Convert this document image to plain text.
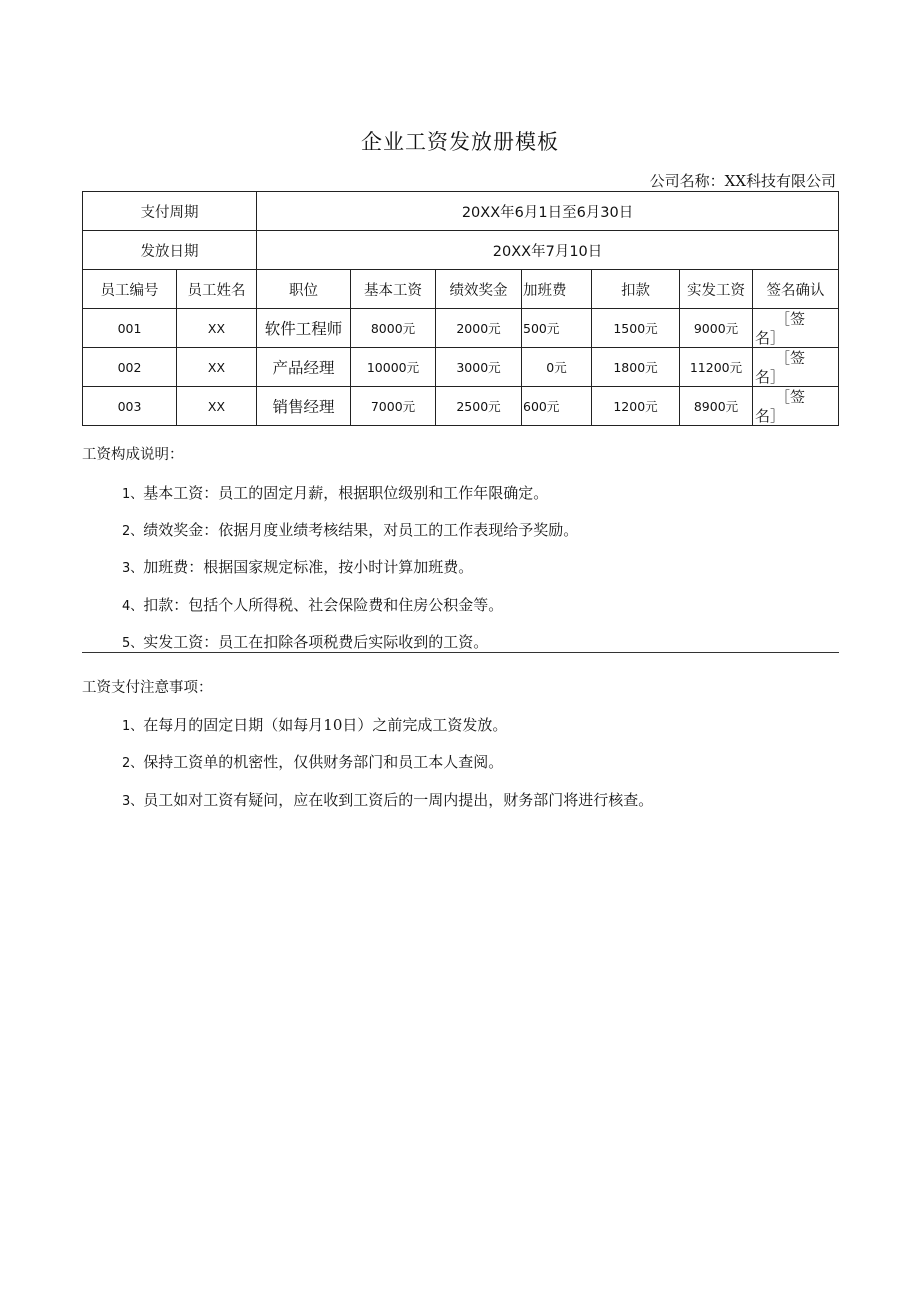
企业工资发放册模板
公司名称：XX科技有限公司
支付周期		20XX年6月1日至6月30日						
发放日期		20XX年7月10日						
员工编号	员工姓名	职位	基本工资	绩效奖金	加班费	扣款	实发工资	签名确认
001	XX	软件工程师	8000元	2000元	500元	1500元	9000元	［签
名］

002	XX	产品经理	10000元	3000元	0元	1800元	11200元	［签
名］

003	XX	销售经理	7000元	2500元	600元	1200元	8900元	［签
名］
工资构成说明：
1、基本工资：员工的固定月薪，根据职位级别和工作年限确定。
2、绩效奖金：依据月度业绩考核结果，对员工的工作表现给予奖励。
3、加班费：根据国家规定标准，按小时计算加班费。
4、扣款：包括个人所得税、社会保险费和住房公积金等。
5、实发工资：员工在扣除各项税费后实际收到的工资。
工资支付注意事项：
1、在每月的固定日期（如每月10日）之前完成工资发放。
2、保持工资单的机密性，仅供财务部门和员工本人查阅。
3、员工如对工资有疑问，应在收到工资后的一周内提出，财务部门将进行核查。
